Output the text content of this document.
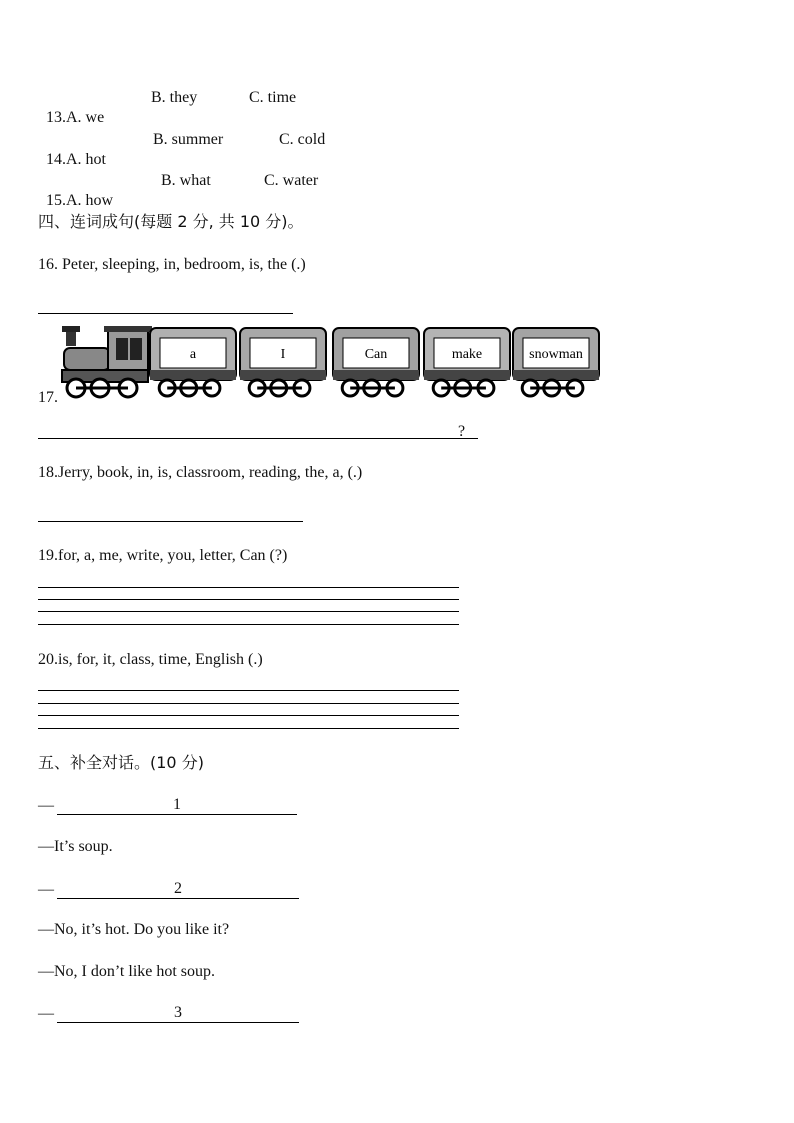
13.A. we

B. they	C. time

14.A. hot

B. summer	C. cold

15.A. how

B. what	C. water
四、连词成句(每题 2 分, 共 10 分)。
16. Peter, sleeping, in, bedroom, is, the (.)
a	I	Can	make	snowman
17.
?
18.Jerry, book, in, is, classroom, reading, the, a, (.)
19.for, a, me, write, you, letter, Can (?)
20.is, for, it, class, time, English (.)
五、补全对话。(10 分)
—	1
—It’s soup.
—	2
—No, it’s hot. Do you like it?
—No, I don’t like hot soup.
—	3
